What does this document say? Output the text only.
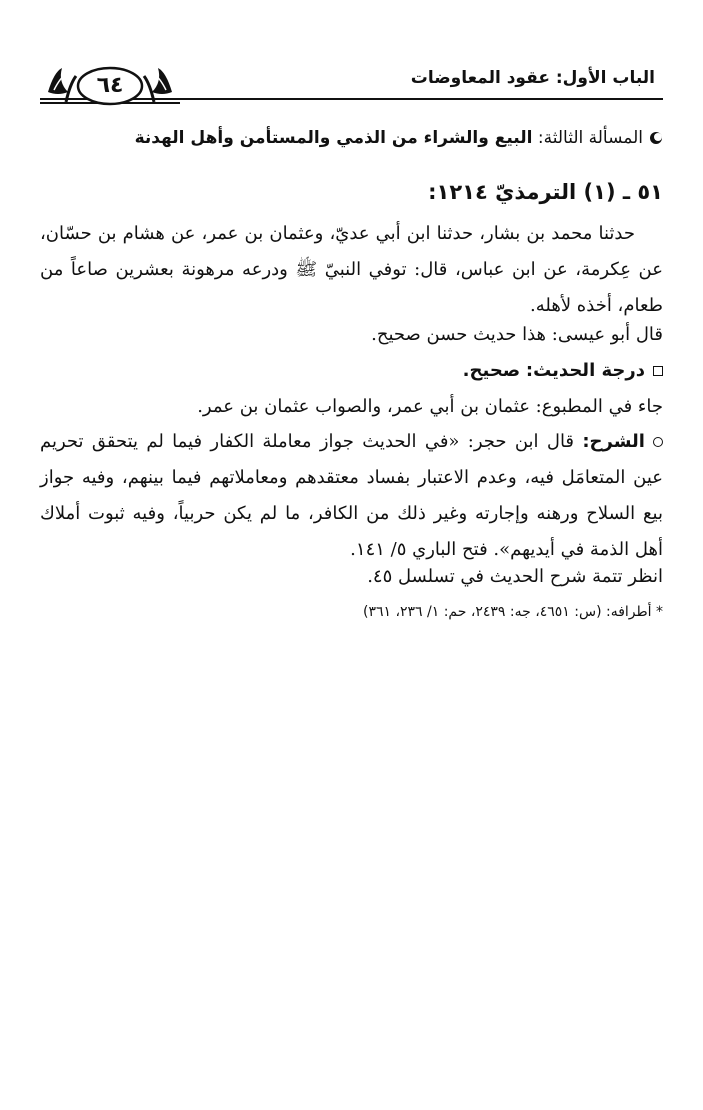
الباب الأول: عقود المعاوضات
٦٤
المسألة الثالثة: البيع والشراء من الذمي والمستأمن وأهل الهدنة
٥١ ـ (١) الترمذيّ ١٢١٤:
حدثنا محمد بن بشار، حدثنا ابن أبي عديّ، وعثمان بن عمر، عن هشام بن حسّان، عن عِكرمة، عن ابن عباس، قال: توفي النبيّ ﷺ ودرعه مرهونة بعشرين صاعاً من طعام، أخذه لأهله.
قال أبو عيسى: هذا حديث حسن صحيح.
درجة الحديث: صحيح.
جاء في المطبوع: عثمان بن أبي عمر، والصواب عثمان بن عمر.
الشرح: قال ابن حجر: «في الحديث جواز معاملة الكفار فيما لم يتحقق تحريم عين المتعامَل فيه، وعدم الاعتبار بفساد معتقدهم ومعاملاتهم فيما بينهم، وفيه جواز بيع السلاح ورهنه وإجارته وغير ذلك من الكافر، ما لم يكن حربياً، وفيه ثبوت أملاك أهل الذمة في أيديهم». فتح الباري ٥/ ١٤١.
انظر تتمة شرح الحديث في تسلسل ٤٥.
* أطرافه: (س: ٤٦٥١، جه: ٢٤٣٩، حم: ١/ ٢٣٦، ٣٦١)
